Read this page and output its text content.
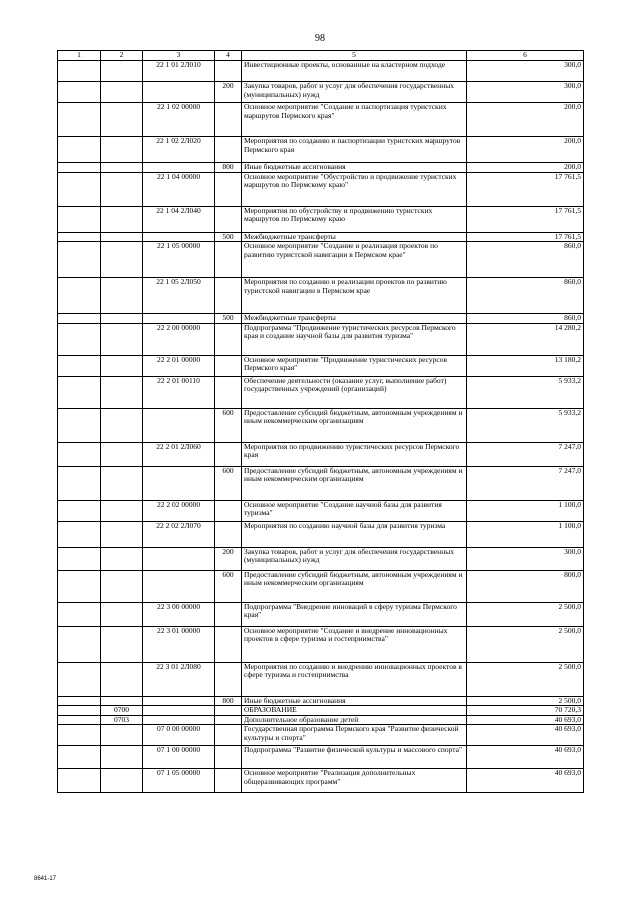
98
1	2	3	4	5	6
		22 1 01 2Л010		Инвестиционные проекты, основанные на кластерном подходе	300,0
			200	Закупка товаров, работ и услуг для обеспечения государственных (муниципальных) нужд	300,0
		22 1 02 00000		Основное мероприятие "Создание и паспортизация туристских маршрутов Пермского края"	200,0
		22 1 02 2Л020		Мероприятия по созданию и паспортизации туристских маршрутов Пермского края	200,0
			800	Иные бюджетные ассигнования	200,0
		22 1 04 00000		Основное мероприятие "Обустройство и продвижение туристских маршрутов по Пермскому краю"	17 761,5
		22 1 04 2Л040		Мероприятия по обустройству и продвижению туристских маршрутов по Пермскому краю	17 761,5
			500	Межбюджетные трансферты	17 761,5
		22 1 05 00000		Основное мероприятие "Создание и реализация проектов по развитию туристской навигации в Пермском крае"	860,0
		22 1 05 2Л050		Мероприятия по созданию и реализации проектов по развитию туристской навигации в Пермском крае	860,0
			500	Межбюджетные трансферты	860,0
		22 2 00 00000		Подпрограмма "Продвижение туристических ресурсов Пермского края и создание научной базы для развития туризма"	14 280,2
		22 2 01 00000		Основное мероприятие "Продвижение туристических ресурсов Пермского края"	13 180,2
		22 2 01 00110		Обеспечение деятельности (оказание услуг, выполнение работ) государственных учреждений (организаций)	5 933,2
			600	Предоставление субсидий бюджетным, автономным учреждениям и иным некоммерческим организациям	5 933,2
		22 2 01 2Л060		Мероприятия по продвижению туристических ресурсов Пермского края	7 247,0
			600	Предоставление субсидий бюджетным, автономным учреждениям и иным некоммерческим организациям	7 247,0
		22 2 02 00000		Основное мероприятие "Создание научной базы для развития туризма"	1 100,0
		22 2 02 2Л070		Мероприятия по созданию научной базы для развития туризма	1 100,0
			200	Закупка товаров, работ и услуг для обеспечения государственных (муниципальных) нужд	300,0
			600	Предоставление субсидий бюджетным, автономным учреждениям и иным некоммерческим организациям	800,0
		22 3 00 00000		Подпрограмма "Внедрение инноваций в сферу туризма Пермского края"	2 500,0
		22 3 01 00000		Основное мероприятие "Создание и внедрение инновационных проектов в сфере туризма и гостеприимства"	2 500,0
		22 3 01 2Л080		Мероприятия по созданию и внедрению инновационных проектов в сфере туризма и гостеприимства	2 500,0
			800	Иные бюджетные ассигнования	2 500,0
	0700			ОБРАЗОВАНИЕ	70 720,3
	0703			Дополнительное образование детей	40 693,0
		07 0 00 00000		Государственная программа Пермского края "Развитие физической культуры и спорта"	40 693,0
		07 1 00 00000		Подпрограмма "Развитие физической культуры и массового спорта"	40 693,0
		07 1 05 00000		Основное мероприятие "Реализация дополнительных общеразвивающих программ"	40 693,0
8641-17
